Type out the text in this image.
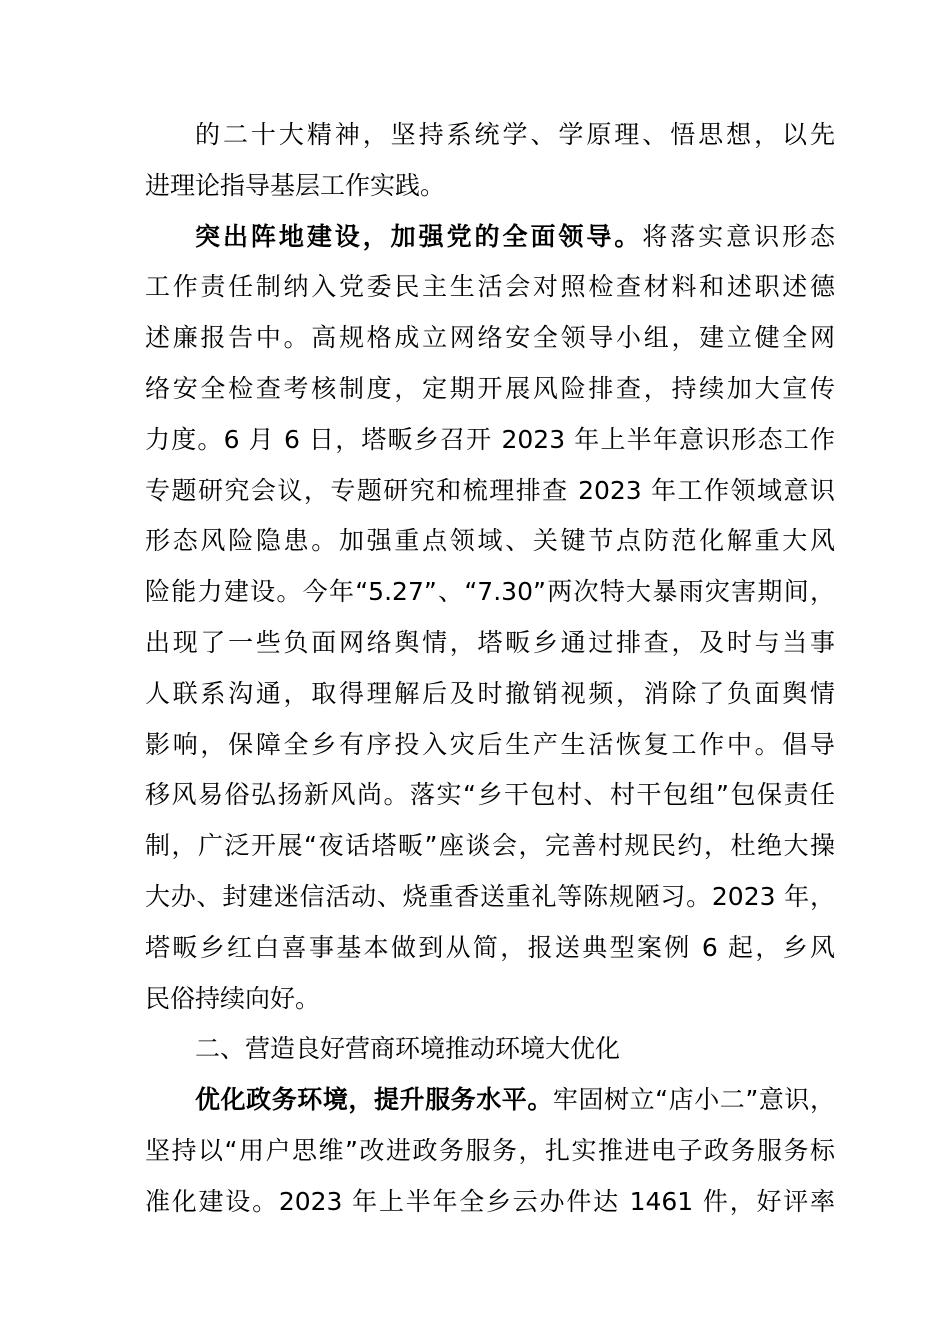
的二十大精神，坚持系统学、学原理、悟思想，以先
进理论指导基层工作实践。
突出阵地建设，加强党的全面领导。将落实意识形态
工作责任制纳入党委民主生活会对照检查材料和述职述德
述廉报告中。高规格成立网络安全领导小组，建立健全网
络安全检查考核制度，定期开展风险排查，持续加大宣传
力度。6 月 6 日，塔畈乡召开 2023 年上半年意识形态工作
专题研究会议，专题研究和梳理排查 2023 年工作领域意识
形态风险隐患。加强重点领域、关键节点防范化解重大风
险能力建设。今年“5.27”、“7.30”两次特大暴雨灾害期间，
出现了一些负面网络舆情，塔畈乡通过排查，及时与当事
人联系沟通，取得理解后及时撤销视频，消除了负面舆情
影响，保障全乡有序投入灾后生产生活恢复工作中。倡导
移风易俗弘扬新风尚。落实“乡干包村、村干包组”包保责任
制，广泛开展“夜话塔畈”座谈会，完善村规民约，杜绝大操
大办、封建迷信活动、烧重香送重礼等陈规陋习。2023 年，
塔畈乡红白喜事基本做到从简，报送典型案例 6 起，乡风
民俗持续向好。
二、营造良好营商环境推动环境大优化
优化政务环境，提升服务水平。牢固树立“店小二”意识，
坚持以“用户思维”改进政务服务，扎实推进电子政务服务标
准化建设。2023 年上半年全乡云办件达 1461 件，好评率
